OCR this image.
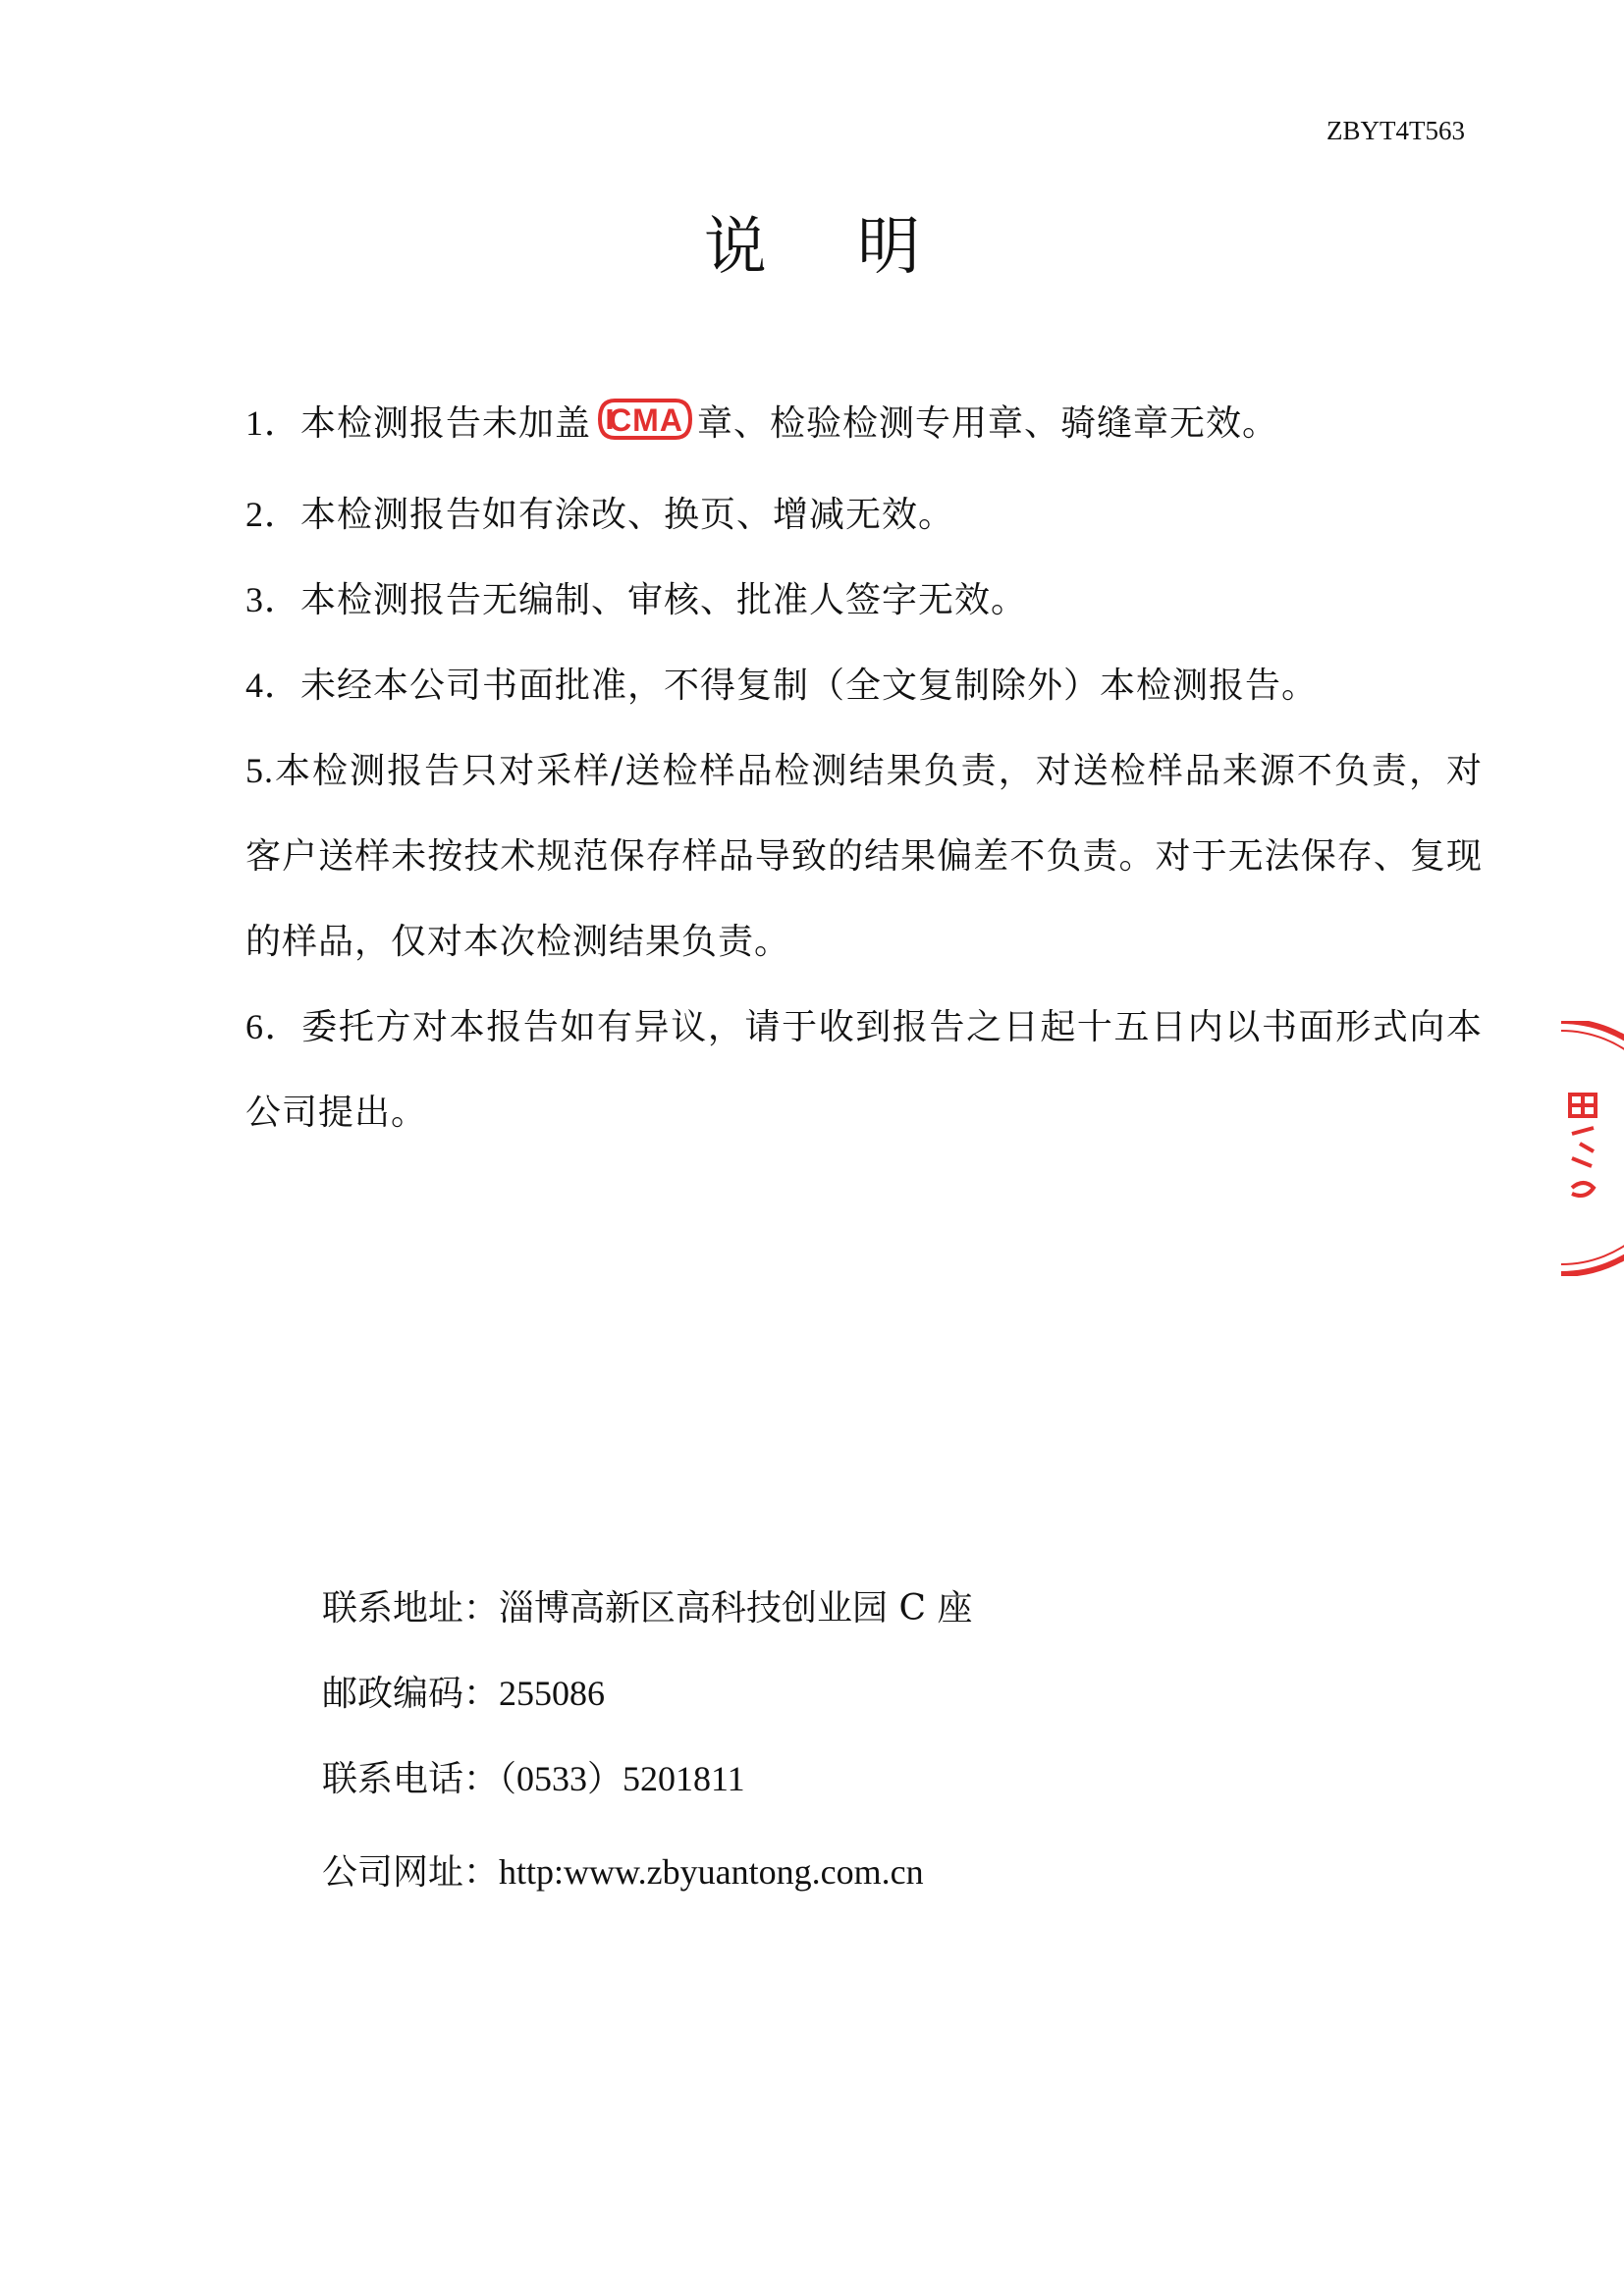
ZBYT4T563
说 明

1．本检测报告未加盖 CMA 章、检验检测专用章、骑缝章无效。

2．本检测报告如有涂改、换页、增减无效。

3．本检测报告无编制、审核、批准人签字无效。

4．未经本公司书面批准，不得复制（全文复制除外）本检测报告。

5.本检测报告只对采样/送检样品检测结果负责，对送检样品来源不负责，对客户送样未按技术规范保存样品导致的结果偏差不负责。对于无法保存、复现的样品，仅对本次检测结果负责。

6．委托方对本报告如有异议，请于收到报告之日起十五日内以书面形式向本公司提出。

联系地址：淄博高新区高科技创业园 C 座
邮政编码：255086
联系电话：（0533）5201811
公司网址：http:www.zbyuantong.com.cn
